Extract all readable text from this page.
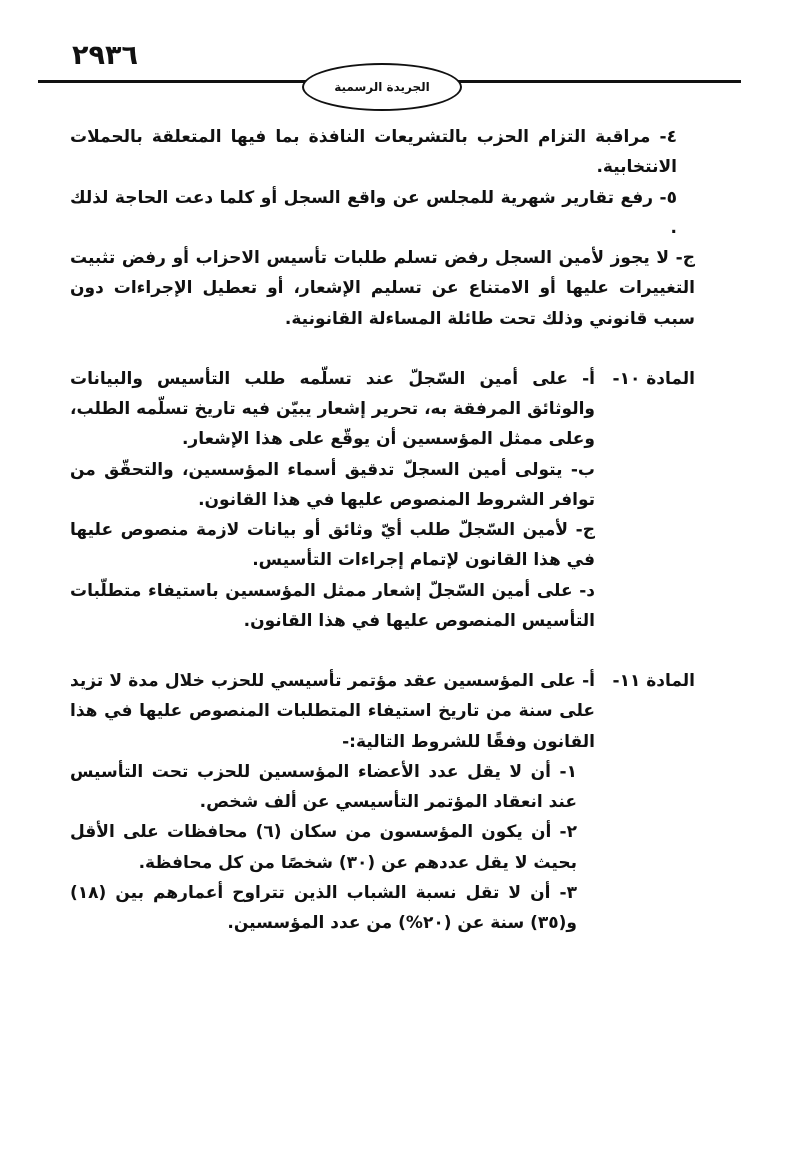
٢٩٣٦
الجريدة الرسمية

٤- مراقبة التزام الحزب بالتشريعات النافذة بما فيها المتعلقة بالحملات الانتخابية.

٥- رفع تقارير شهرية للمجلس عن واقع السجل أو كلما دعت الحاجة لذلك .

ج- لا يجوز لأمين السجل رفض تسلم طلبات تأسيس الاحزاب أو رفض تثبيت التغييرات عليها أو الامتناع عن تسليم الإشعار، أو تعطيل الإجراءات دون سبب قانوني وذلك تحت طائلة المساءلة القانونية.

المادة ١٠-
أ- على أمين السّجلّ عند تسلّمه طلب التأسيس والبيانات والوثائق المرفقة به، تحرير إشعار يبيّن فيه تاريخ تسلّمه الطلب، وعلى ممثل المؤسسين أن يوقّع على هذا الإشعار.

ب- يتولى أمين السجلّ تدقيق أسماء المؤسسين، والتحقّق من توافر الشروط المنصوص عليها في هذا القانون.

ج- لأمين السّجلّ طلب أيّ وثائق أو بيانات لازمة منصوص عليها في هذا القانون لإتمام إجراءات التأسيس.

د- على أمين السّجلّ إشعار ممثل المؤسسين باستيفاء متطلّبات التأسيس المنصوص عليها في هذا القانون.

المادة ١١-
أ- على المؤسسين عقد مؤتمر تأسيسي للحزب خلال مدة لا تزيد على سنة من تاريخ استيفاء المتطلبات المنصوص عليها في هذا القانون وفقًا للشروط التالية:-

١- أن لا يقل عدد الأعضاء المؤسسين للحزب تحت التأسيس عند انعقاد المؤتمر التأسيسي عن ألف شخص.

٢- أن يكون المؤسسون من سكان (٦) محافظات على الأقل بحيث لا يقل عددهم عن (٣٠) شخصًا من كل محافظة.

٣- أن لا تقل نسبة الشباب الذين تتراوح أعمارهم بين (١٨) و(٣٥) سنة عن (٢٠%) من عدد المؤسسين.
